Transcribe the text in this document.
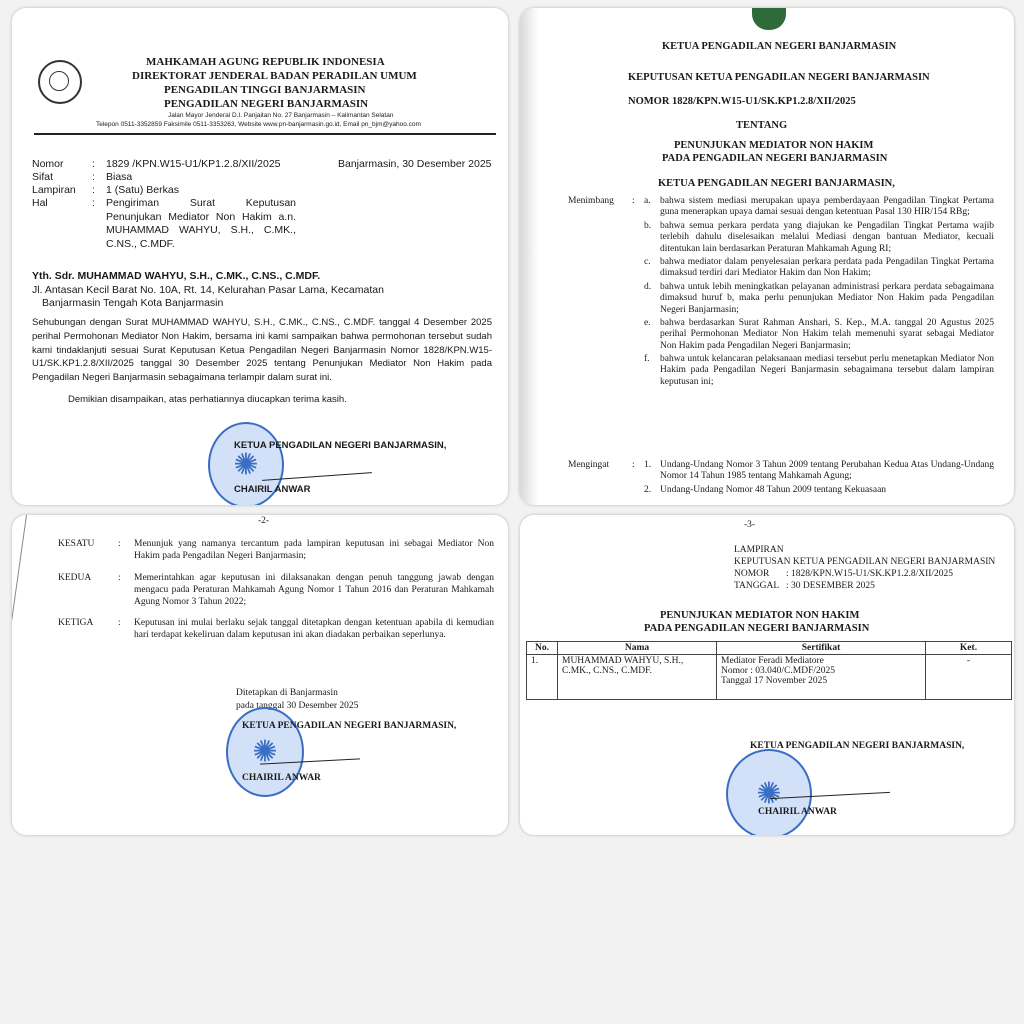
MAHKAMAH AGUNG REPUBLIK INDONESIA
DIREKTORAT JENDERAL BADAN PERADILAN UMUM
PENGADILAN TINGGI BANJARMASIN
PENGADILAN NEGERI BANJARMASIN
Jalan Mayor Jenderal D.I. Panjaitan No. 27 Banjarmasin – Kalimantan Selatan
Telepon 0511-3352859 Faksimile 0511-3353263, Website www.pn-banjarmasin.go.id, Email pn_bjm@yahoo.com
Nomor	: 1829 /KPN.W15-U1/KP1.2.8/XII/2025	Banjarmasin, 30 Desember 2025
Sifat	: Biasa
Lampiran : 1 (Satu) Berkas
Hal	: Pengiriman Surat Keputusan Penunjukan Mediator Non Hakim a.n. MUHAMMAD WAHYU, S.H., C.MK., C.NS., C.MDF.
Yth. Sdr. MUHAMMAD WAHYU, S.H., C.MK., C.NS., C.MDF.
Jl. Antasan Kecil Barat No. 10A, Rt. 14, Kelurahan Pasar Lama, Kecamatan
Banjarmasin Tengah Kota Banjarmasin
Sehubungan dengan Surat MUHAMMAD WAHYU, S.H., C.MK., C.NS., C.MDF. tanggal 4 Desember 2025 perihal Permohonan Mediator Non Hakim, bersama ini kami sampaikan bahwa permohonan tersebut sudah kami tindaklanjuti sesuai Surat Keputusan Ketua Pengadilan Negeri Banjarmasin Nomor 1828/KPN.W15-U1/SK.KP1.2.8/XII/2025 tanggal 30 Desember 2025 tentang Penunjukan Mediator Non Hakim pada Pengadilan Negeri Banjarmasin sebagaimana terlampir dalam surat ini.
Demikian disampaikan, atas perhatiannya diucapkan terima kasih.
✺
KETUA PENGADILAN NEGERI BANJARMASIN,
CHAIRIL ANWAR
KETUA PENGADILAN NEGERI BANJARMASIN
KEPUTUSAN KETUA PENGADILAN NEGERI BANJARMASIN
NOMOR 1828/KPN.W15-U1/SK.KP1.2.8/XII/2025
TENTANG
PENUNJUKAN MEDIATOR NON HAKIM
PADA PENGADILAN NEGERI BANJARMASIN
KETUA PENGADILAN NEGERI BANJARMASIN,
Menimbang : a. bahwa sistem mediasi merupakan upaya pemberdayaan Pengadilan Tingkat Pertama guna menerapkan upaya damai sesuai dengan ketentuan Pasal 130 HIR/154 RBg;
b. bahwa semua perkara perdata yang diajukan ke Pengadilan Tingkat Pertama wajib terlebih dahulu diselesaikan melalui Mediasi dengan bantuan Mediator, kecuali ditentukan lain berdasarkan Peraturan Mahkamah Agung RI;
c. bahwa mediator dalam penyelesaian perkara perdata pada Pengadilan Tingkat Pertama dimaksud terdiri dari Mediator Hakim dan Non Hakim;
d. bahwa untuk lebih meningkatkan pelayanan administrasi perkara perdata sebagaimana dimaksud huruf b, maka perlu penunjukan Mediator Non Hakim pada Pengadilan Negeri Banjarmasin;
e. bahwa berdasarkan Surat Rahman Anshari, S. Kep., M.A. tanggal 20 Agustus 2025 perihal Permohonan Mediator Non Hakim telah memenuhi syarat sebagai Mediator Non Hakim pada Pengadilan Negeri Banjarmasin;
f.	bahwa untuk kelancaran pelaksanaan mediasi tersebut perlu menetapkan Mediator Non Hakim pada Pengadilan Negeri Banjarmasin sebagaimana tersebut dalam lampiran keputusan ini;
Mengingat : 1. Undang-Undang Nomor 3 Tahun 2009 tentang Perubahan Kedua Atas Undang-Undang Nomor 14 Tahun 1985 tentang Mahkamah Agung;
2. Undang-Undang Nomor 48 Tahun 2009 tentang Kekuasaan
-2-
KESATU	:	Menunjuk yang namanya tercantum pada lampiran keputusan ini sebagai Mediator Non Hakim pada Pengadilan Negeri Banjarmasin;
KEDUA	:	Memerintahkan agar keputusan ini dilaksanakan dengan penuh tanggung jawab dengan mengacu pada Peraturan Mahkamah Agung Nomor 1 Tahun 2016 dan Peraturan Mahkamah Agung Nomor 3 Tahun 2022;
KETIGA	:	Keputusan ini mulai berlaku sejak tanggal ditetapkan dengan ketentuan apabila di kemudian hari terdapat kekeliruan dalam keputusan ini akan diadakan perbaikan seperlunya.
Ditetapkan di Banjarmasin
pada tanggal 30 Desember 2025
✺
KETUA PENGADILAN NEGERI BANJARMASIN,
CHAIRIL ANWAR
-3-
LAMPIRAN
KEPUTUSAN KETUA PENGADILAN NEGERI BANJARMASIN
NOMOR : 1828/KPN.W15-U1/SK.KP1.2.8/XII/2025
TANGGAL : 30 DESEMBER 2025
PENUNJUKAN MEDIATOR NON HAKIM
PADA PENGADILAN NEGERI BANJARMASIN
No.	Nama	Sertifikat	Ket.
1.	MUHAMMAD WAHYU, S.H., C.MK., C.NS., C.MDF.	Mediator Feradi Mediatore
Nomor : 03.040/C.MDF/2025
Tanggal 17 November 2025	-
✺
KETUA PENGADILAN NEGERI BANJARMASIN,
CHAIRIL ANWAR
